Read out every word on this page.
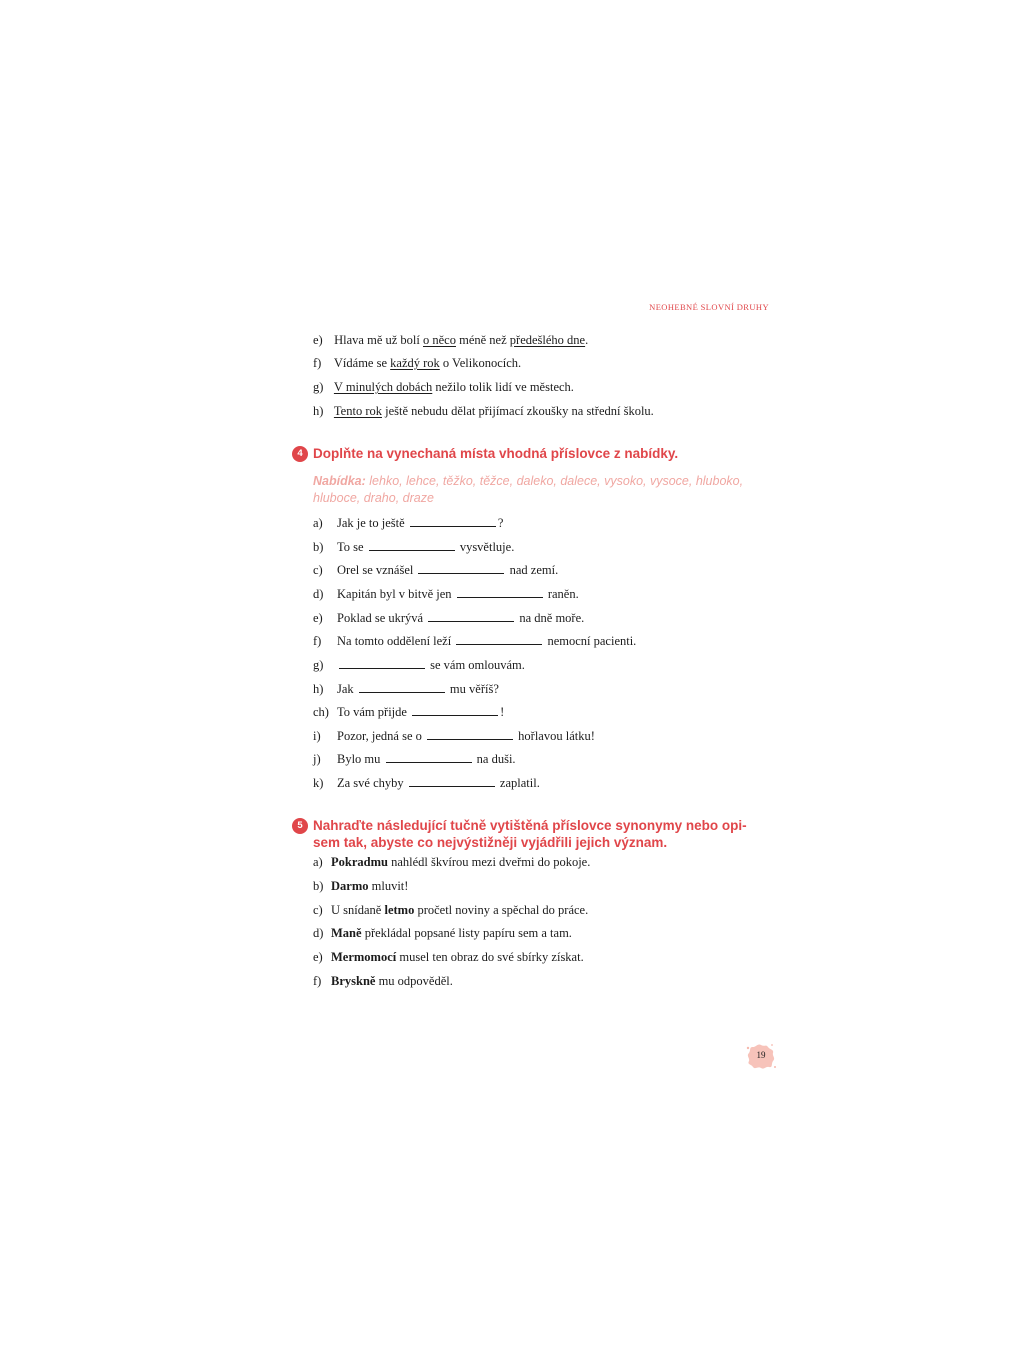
NEOHEBNÉ SLOVNÍ DRUHY
e) Hlava mě už bolí o něco méně než předešlého dne.
f) Vídáme se každý rok o Velikonocích.
g) V minulých dobách nežilo tolik lidí ve městech.
h) Tento rok ještě nebudu dělat přijímací zkoušky na střední školu.
4 Doplňte na vynechaná místa vhodná příslovce z nabídky.
Nabídka: lehko, lehce, těžko, těžce, daleko, dalece, vysoko, vysoce, hluboko,
hluboce, draho, draze
a) Jak je to ještě	?
b) To se	vysvětluje.
c) Orel se vznášel	nad zemí.
d) Kapitán byl v bitvě jen	raněn.
e) Poklad se ukrývá	na dně moře.
f) Na tomto oddělení leží	nemocní pacienti.
g)	se vám omlouvám.
h) Jak	mu věříš?
ch) To vám přijde	!
i) Pozor, jedná se o	hořlavou látku!
j) Bylo mu	na duši.
k) Za své chyby	zaplatil.
5 Nahraďte následující tučně vytištěná příslovce synonymy nebo opi-
sem tak, abyste co nejvýstižněji vyjádřili jejich význam.
a) Pokradmu nahlédl škvírou mezi dveřmi do pokoje.
b) Darmo mluvit!
c) U snídaně letmo pročetl noviny a spěchal do práce.
d) Maně překládal popsané listy papíru sem a tam.
e) Mermomocí musel ten obraz do své sbírky získat.
f) Bryskně mu odpověděl.
19
